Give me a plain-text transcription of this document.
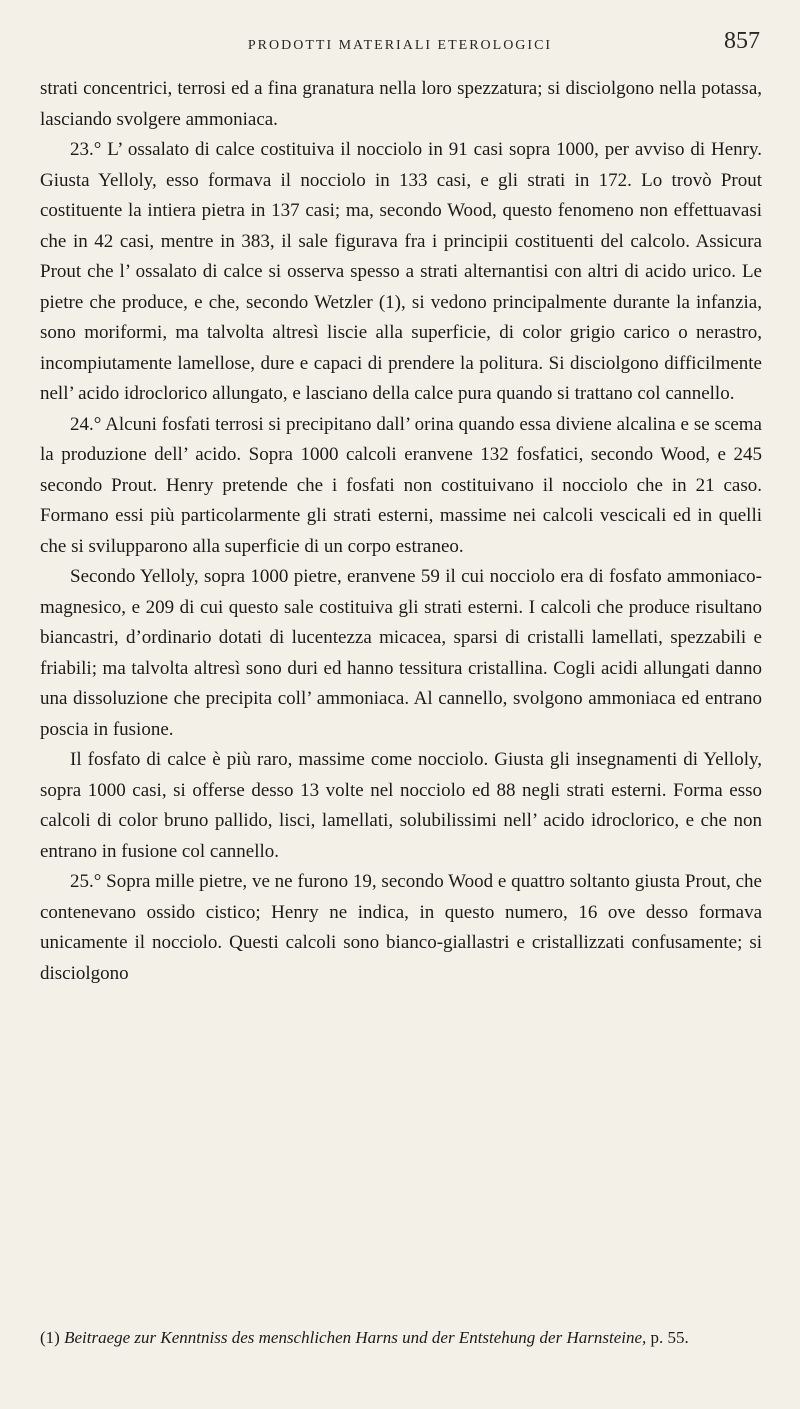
PRODOTTI MATERIALI ETEROLOGICI	857

strati concentrici, terrosi ed a fina granatura nella loro spezzatura; si disciolgono nella potassa, lasciando svolgere ammoniaca.

23.° L’ ossalato di calce costituiva il nocciolo in 91 casi sopra 1000, per avviso di Henry. Giusta Yelloly, esso formava il nocciolo in 133 casi, e gli strati in 172. Lo trovò Prout costituente la intiera pietra in 137 casi; ma, secondo Wood, questo fenomeno non effettuavasi che in 42 casi, mentre in 383, il sale figurava fra i principii costituenti del calcolo. Assicura Prout che l’ ossalato di calce si osserva spesso a strati alternantisi con altri di acido urico. Le pietre che produce, e che, secondo Wetzler (1), si vedono principalmente durante la infanzia, sono moriformi, ma talvolta altresì liscie alla superficie, di color grigio carico o nerastro, incompiutamente lamellose, dure e capaci di prendere la politura. Si disciolgono difficilmente nell’ acido idroclorico allungato, e lasciano della calce pura quando si trattano col cannello.

24.° Alcuni fosfati terrosi si precipitano dall’ orina quando essa diviene alcalina e se scema la produzione dell’ acido. Sopra 1000 calcoli eranvene 132 fosfatici, secondo Wood, e 245 secondo Prout. Henry pretende che i fosfati non costituivano il nocciolo che in 21 caso. Formano essi più particolarmente gli strati esterni, massime nei calcoli vescicali ed in quelli che si svilupparono alla superficie di un corpo estraneo.

Secondo Yelloly, sopra 1000 pietre, eranvene 59 il cui nocciolo era di fosfato ammoniaco-magnesico, e 209 di cui questo sale costituiva gli strati esterni. I calcoli che produce risultano biancastri, d’ordinario dotati di lucentezza micacea, sparsi di cristalli lamellati, spezzabili e friabili; ma talvolta altresì sono duri ed hanno tessitura cristallina. Cogli acidi allungati danno una dissoluzione che precipita coll’ ammoniaca. Al cannello, svolgono ammoniaca ed entrano poscia in fusione.

Il fosfato di calce è più raro, massime come nocciolo. Giusta gli insegnamenti di Yelloly, sopra 1000 casi, si offerse desso 13 volte nel nocciolo ed 88 negli strati esterni. Forma esso calcoli di color bruno pallido, lisci, lamellati, solubilissimi nell’ acido idroclorico, e che non entrano in fusione col cannello.

25.° Sopra mille pietre, ve ne furono 19, secondo Wood e quattro soltanto giusta Prout, che contenevano ossido cistico; Henry ne indica, in questo numero, 16 ove desso formava unicamente il nocciolo. Questi calcoli sono bianco-giallastri e cristallizzati confusamente; si disciolgono

(1) Beitraege zur Kenntniss des menschlichen Harns und der Entstehung der Harnsteine, p. 55.
